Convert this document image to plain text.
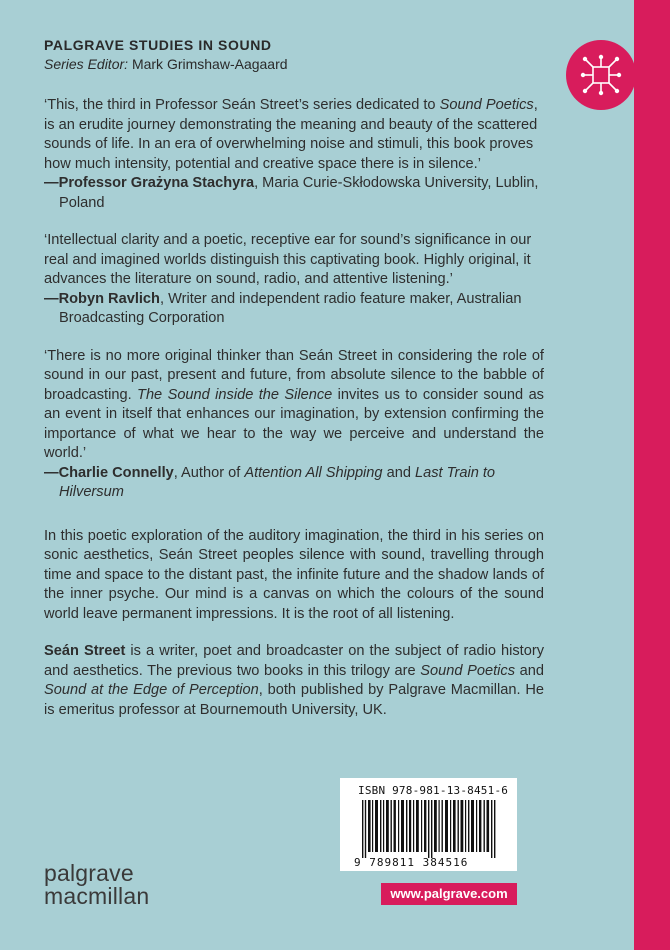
PALGRAVE STUDIES IN SOUND
Series Editor: Mark Grimshaw-Aagaard

‘This, the third in Professor Seán Street’s series dedicated to Sound Poetics, is an erudite journey demonstrating the meaning and beauty of the scattered sounds of life. In an era of overwhelming noise and stimuli, this book proves how much intensity, potential and creative space there is in silence.’

—Professor Grażyna Stachyra, Maria Curie-Skłodowska University, Lublin, Poland

‘Intellectual clarity and a poetic, receptive ear for sound’s significance in our real and imagined worlds distinguish this captivating book. Highly original, it advances the literature on sound, radio, and attentive listening.’

—Robyn Ravlich, Writer and independent radio feature maker, Australian Broadcasting Corporation

‘There is no more original thinker than Seán Street in considering the role of sound in our past, present and future, from absolute silence to the babble of broadcasting. The Sound inside the Silence invites us to consider sound as an event in itself that enhances our imagination, by extension confirming the importance of what we hear to the way we perceive and understand the world.’

—Charlie Connelly, Author of Attention All Shipping and Last Train to Hilversum

In this poetic exploration of the auditory imagination, the third in his series on sonic aesthetics, Seán Street peoples silence with sound, travelling through time and space to the distant past, the infinite future and the shadow lands of the inner psyche. Our mind is a canvas on which the colours of the sound world leave permanent impressions. It is the root of all listening.

Seán Street is a writer, poet and broadcaster on the subject of radio history and aesthetics. The previous two books in this trilogy are Sound Poetics and Sound at the Edge of Perception, both published by Palgrave Macmillan. He is emeritus professor at Bournemouth University, UK.

ISBN 978-981-13-8451-6
9 789811 384516
www.palgrave.com
palgrave
macmillan
